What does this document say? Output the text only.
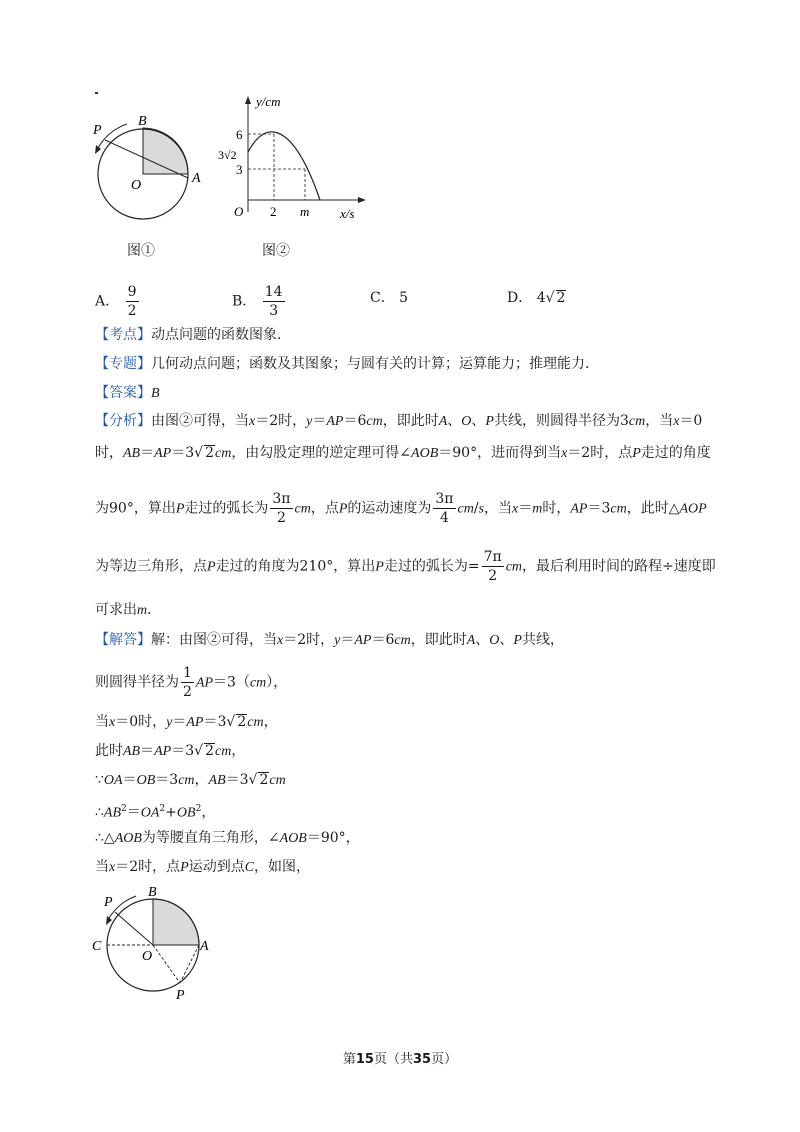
P
B
O	A
图①
y/cm
x/s
O
6
3√2
3
2 m
图②
A． $\frac{9}{2}$	B． $\frac{14}{3}$	C． 5	D． 4√ 2
【考点】动点问题的函数图象．
【专题】几何动点问题；函数及其图象；与圆有关的计算；运算能力；推理能力．
【答案】B
【分析】由图②可得，当x＝2时，y＝AP＝6cm，即此时A、O、P共线，则圆得半径为3cm，当x＝0
时，AB＝AP＝3√ 2cm，由勾股定理的逆定理可得∠AOB＝90°，进而得到当x＝2时，点P走过的角度
为90°，算出P走过的弧长为 $\frac{3\pi}{2}$ cm，点P的运动速度为 $\frac{3\pi}{4} cm/s$，当x＝m时，AP＝3cm，此时△AOP
为等边三角形，点P走过的角度为210°，算出P走过的弧长为= $\frac{7\pi}{2}$ cm，最后利用时间的路程÷速度即
可求出m．
【解答】解：由图②可得，当x＝2时，y＝AP＝6cm，即此时A、O、P共线，
则圆得半径为 $\frac{1}{2} AP=3(cm)$，
当x＝0时，y＝AP＝3√ 2cm，
此时AB＝AP＝3√ 2cm，
∵OA＝OB＝3cm，AB＝3√ 2cm
$\therefore AB^2=OA^2+OB^2$，
∴△AOB为等腰直角三角形，∠AOB＝90°，
当x＝2时，点P运动到点C，如图，
P
B
C
O
A
P
第15页（共35页）
